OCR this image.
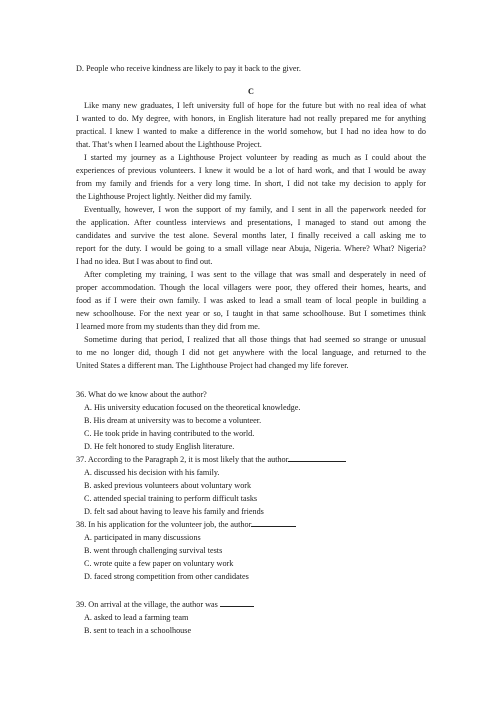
D. People who receive kindness are likely to pay it back to the giver.
C
Like many new graduates, I left university full of hope for the future but with no real idea of what
I wanted to do. My degree, with honors, in English literature had not really prepared me for anything
practical. I knew I wanted to make a difference in the world somehow, but I had no idea how to do
that. That’s when I learned about the Lighthouse Project.
I started my journey as a Lighthouse Project volunteer by reading as much as I could about the
experiences of previous volunteers. I knew it would be a lot of hard work, and that I would be away
from my family and friends for a very long time. In short, I did not take my decision to apply for
the Lighthouse Project lightly. Neither did my family.
Eventually, however, I won the support of my family, and I sent in all the paperwork needed for
the application. After countless interviews and presentations, I managed to stand out among the
candidates and survive the test alone. Several months later, I finally received a call asking me to
report for the duty. I would be going to a small village near Abuja, Nigeria. Where? What? Nigeria?
I had no idea. But I was about to find out.
After completing my training, I was sent to the village that was small and desperately in need of
proper accommodation. Though the local villagers were poor, they offered their homes, hearts, and
food as if I were their own family. I was asked to lead a small team of local people in building a
new schoolhouse. For the next year or so, I taught in that same schoolhouse. But I sometimes think
I learned more from my students than they did from me.
Sometime during that period, I realized that all those things that had seemed so strange or unusual
to me no longer did, though I did not get anywhere with the local language, and returned to the
United States a different man. The Lighthouse Project had changed my life forever.
36. What do we know about the author?
A. His university education focused on the theoretical knowledge.
B. His dream at university was to become a volunteer.
C. He took pride in having contributed to the world.
D. He felt honored to study English literature.
37. According to the Paragraph 2, it is most likely that the author
A. discussed his decision with his family.
B. asked previous volunteers about voluntary work
C. attended special training to perform difficult tasks
D. felt sad about having to leave his family and friends
38. In his application for the volunteer job, the author
A. participated in many discussions
B. went through challenging survival tests
C. wrote quite a few paper on voluntary work
D. faced strong competition from other candidates
39. On arrival at the village, the author was
A. asked to lead a farming team
B. sent to teach in a schoolhouse
